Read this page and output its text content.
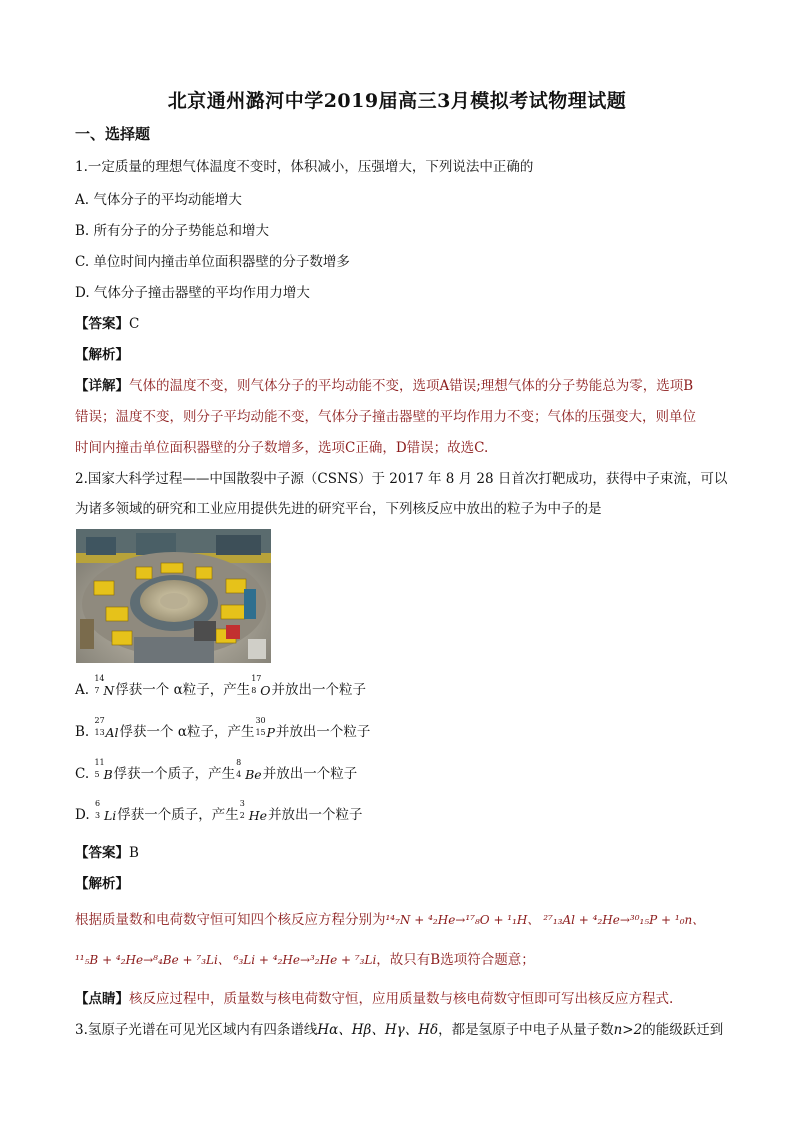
北京通州潞河中学2019届高三3月模拟考试物理试题
一、选择题
1.一定质量的理想气体温度不变时，体积减小，压强增大，下列说法中正确的
A. 气体分子的平均动能增大
B. 所有分子的分子势能总和增大
C. 单位时间内撞击单位面积器壁的分子数增多
D. 气体分子撞击器壁的平均作用力增大
【答案】C
【解析】
【详解】气体的温度不变，则气体分子的平均动能不变，选项A错误;理想气体的分子势能总为零，选项B
错误；温度不变，则分子平均动能不变，气体分子撞击器壁的平均作用力不变；气体的压强变大，则单位
时间内撞击单位面积器壁的分子数增多，选项C正确，D错误；故选C.
2.国家大科学过程——中国散裂中子源（CSNS）于 2017 年 8 月 28 日首次打靶成功，获得中子束流，可以
为诸多领域的研究和工业应用提供先进的研究平台，下列核反应中放出的粒子为中子的是
A.
14
7 N俘获一个 α粒子，产生
17
8 O并放出一个粒子
B.
27
13 Al俘获一个 α粒子，产生
30
15 P并放出一个粒子
C.
11
5 B俘获一个质子，产生
8
4 Be并放出一个粒子
D.
6
3 Li俘获一个质子，产生
3
2 He并放出一个粒子
【答案】B
【解析】
根据质量数和电荷数守恒可知四个核反应方程分别为¹⁴₇N + ⁴₂He→¹⁷₈O + ¹₁H、 ²⁷₁₃Al + ⁴₂He→³⁰₁₅P + ¹₀n、
¹¹₅B + ⁴₂He→⁸₄Be + ⁷₃Li、 ⁶₃Li + ⁴₂He→³₂He + ⁷₃Li，故只有B选项符合题意；
【点睛】核反应过程中，质量数与核电荷数守恒，应用质量数与核电荷数守恒即可写出核反应方程式.
3.氢原子光谱在可见光区域内有四条谱线Hα、Hβ、Hγ、Hδ，都是氢原子中电子从量子数n>2的能级跃迁到
